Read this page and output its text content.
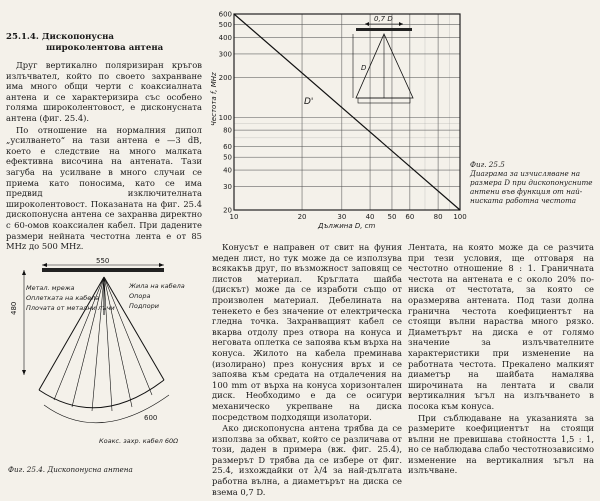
25.1.4. Дископонусна
широколентова антена

Друг вертикално поляризиран кръгов излъчвател, който по своето захранване има много общи черти с коаксиалната антена и се характеризира със особено голяма широколентовост, е дисконусната антена (фиг. 25.4).

По отношение на нормалния дипол „усилването“ на тази антена е —3 dB, което е следствие на много малката ефективна височина на антената. Тази загуба на усилване в много случаи се приема като поносима, като се има предвид изключителната широколентовост. Показаната на фиг. 25.4 дископонусна антена се захранва директно с 60-омов коаксиален кабел. При дадените размери нейната честотна лента е от 85 MHz до 500 MHz.

550
480
600
Метал. мрежа
Оплетката на кабела
Плочата от метални лъчи
Жила на кабела
Опора
Подпори
Коакс. захр. кабел 60Ω
Фиг. 25.4. Дископонусна антена
20
30
40
50
60
80
100
200
300
400
500
600
10	20	30	40 50 60	80 100
Честота f, MHz
Дължина D, cm
D'
0,7 D
D
Фиг. 25.5
Диаграма за изчисляване на размера D при дископонусните антени във функция от най-ниската работна честота

Конусът е направен от свит на фуния меден лист, но тук може да се използува всякакъв друг, по възможност заповящ се листов материал. Кръглата шайба (дискът) може да се изработи също от произволен материал. Дебелината на тенекето е без значение от електрическа гледна точка. Захранващият кабел се вкарва отдолу през отвора на конуса и неговата оплетка се запоява към върха на конуса. Жилото на кабела преминава (изолирано) през конусния връх и се запоява към средата на отдалечения на 100 mm от върха на конуса хоризонтален диск. Необходимо е да се осигури механическо укрепване на диска посредством подходящи изолатори.

Ако дископонусна антена трябва да се използва за обхват, който се различава от този, даден в примера (вж. фиг. 25.4), размерът D трябва да се избере от фиг. 25.4, изхождайки от λ/4 за най-дългата работна вълна, а диаметърът на диска се взема 0,7 D.

Лентата, на която може да се разчита при тези условия, ще отговаря на честотно отношение 8 : 1. Граничната честота на антената е с около 20% по-ниска от честотата, за която се оразмерява антената. Под тази долна гранична честота коефициентът на стоящи вълни нараства много рязко. Диаметърът на диска е от голямо значение за излъчвателните характеристики при изменение на работната честота. Прекалено малкият диаметър на шайбата намалява широчината на лентата и свали вертикалния ъгъл на излъчването в посока към конуса.

При съблюдаване на указанията за размерите коефициентът на стоящи вълни не превишава стойността 1,5 : 1, но се наблюдава слабо честотнозависимо изменение на вертикалния ъгъл на излъчване.
